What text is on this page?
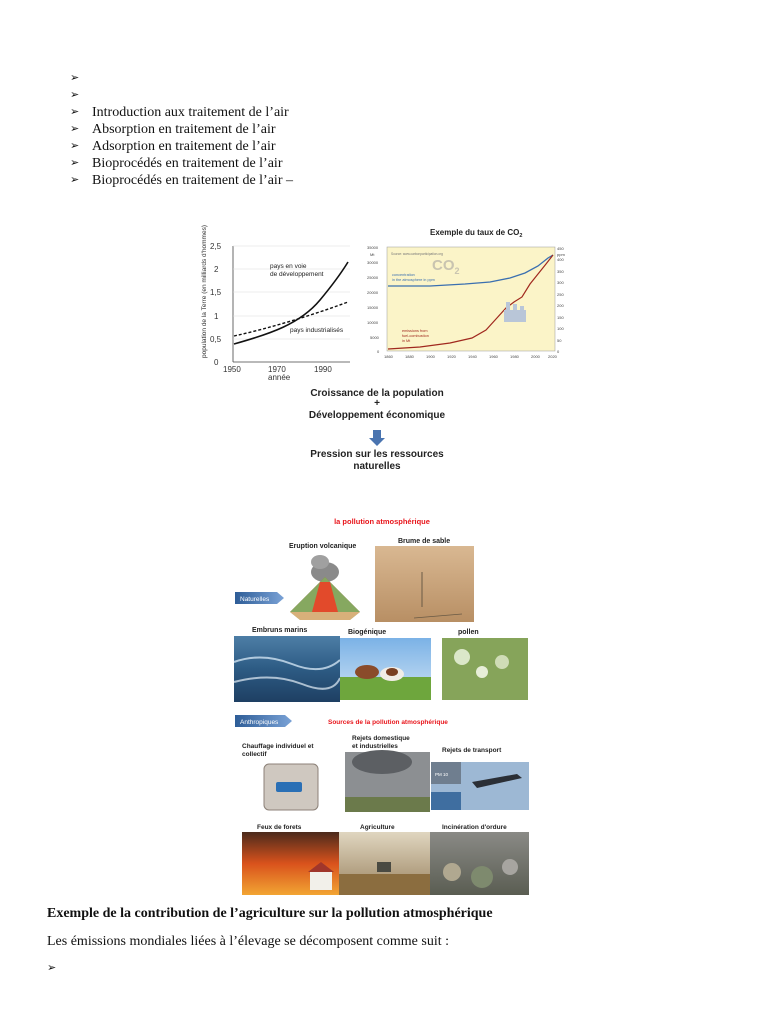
➢
➢
➢ Introduction aux traitement de l’air
➢ Absorption en traitement de l’air
➢ Adsorption en traitement de l’air
➢ Bioprocédés en traitement de l’air
➢ Bioprocédés en traitement de l’air –
population de la Terre (en milliards d'hommes) 2,5
2
1,5
1
0,5
0
1950	1970	1990
année
pays en voie
de développement
pays industrialisés
Exemple du taux de $CO_2$
Source: www.carbonparticipation.org
Mt	ppm
$CO_2$
35000
30000
25000
20000
15000
10000
5000
0
450
400
350
300
250
200
150
100
50
0
1860	1880	1900	1920	1940	1960	1980	2000 2020
concentration
in the atmosphere in ppm
emissions from
fuel-combustion
in Mt
Croissance de la population
+
Développement économique
Pression sur les ressources
naturelles
la pollution atmosphérique
Eruption volcanique
Naturelles
Brume de sable
Embruns marins	Biogénique	pollen
Anthropiques	Sources de la pollution atmosphérique
Chauffage individuel et
collectif
Rejets domestique
et industrielles
Rejets de transport
PM 10
Feux de forets	Agriculture	Incinération d'ordure
Exemple de la contribution de l’agriculture sur la pollution atmosphérique
Les émissions mondiales liées à l’élevage se décomposent comme suit :
➢
